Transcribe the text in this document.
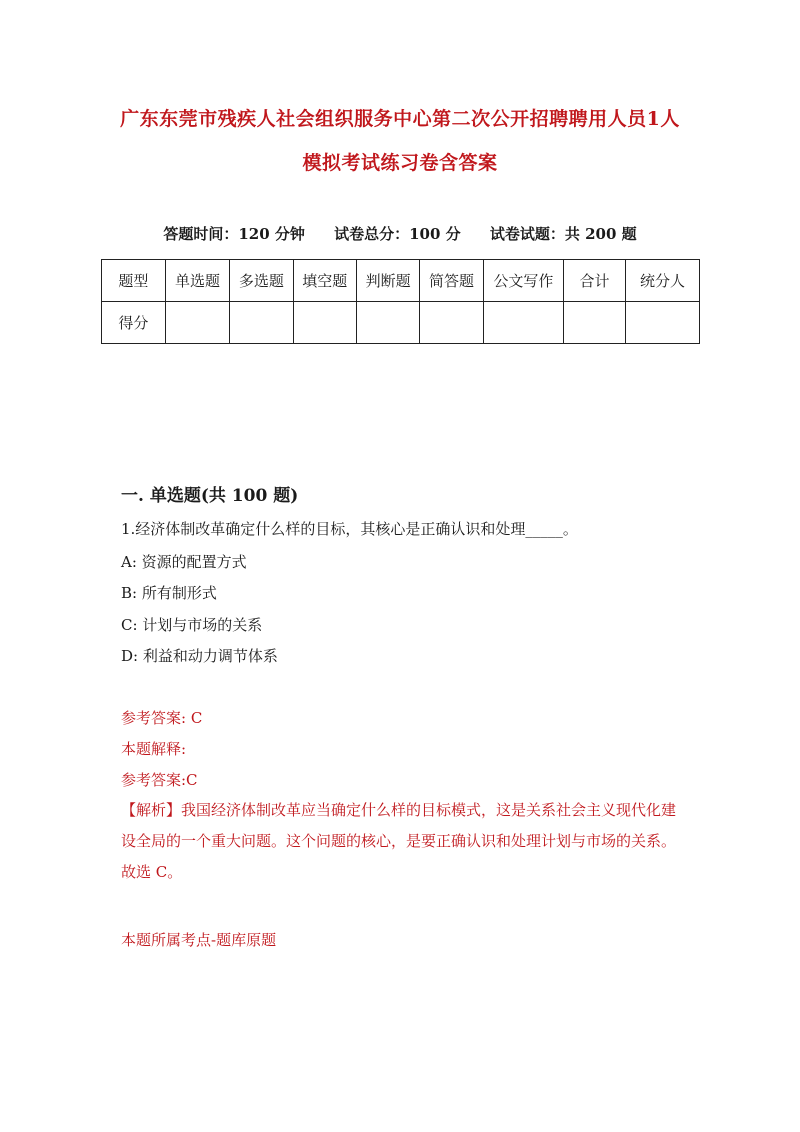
广东东莞市残疾人社会组织服务中心第二次公开招聘聘用人员1人
模拟考试练习卷含答案
答题时间：120 分钟 试卷总分：100 分 试卷试题：共 200 题
题型	单选题	多选题	填空题	判断题	简答题	公文写作	合计	统分人
得分								
一. 单选题(共 100 题)
1.经济体制改革确定什么样的目标，其核心是正确认识和处理_____。
A: 资源的配置方式
B: 所有制形式
C: 计划与市场的关系
D: 利益和动力调节体系
参考答案: C
本题解释:
参考答案:C
【解析】我国经济体制改革应当确定什么样的目标模式，这是关系社会主义现代化建设全局的一个重大问题。这个问题的核心，是要正确认识和处理计划与市场的关系。故选 C。
本题所属考点-题库原题
